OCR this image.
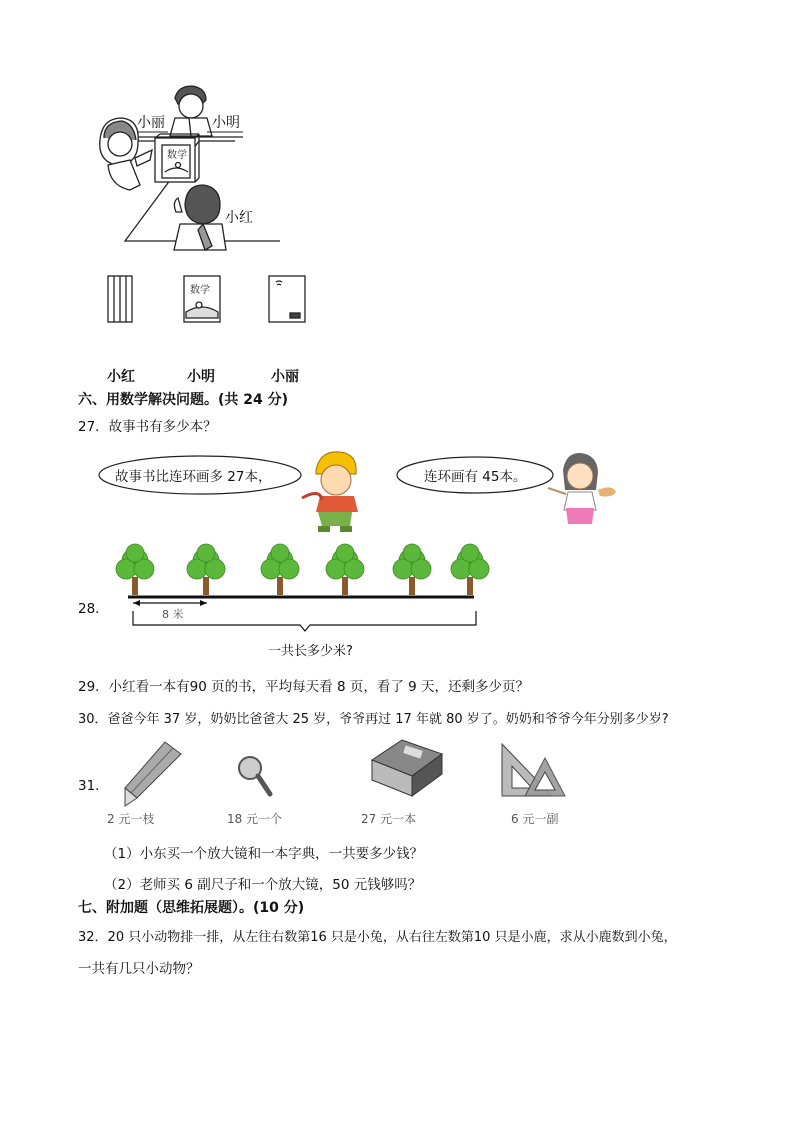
数学
小丽	小明
小红
数学
小红	小明	小丽
六、用数学解决问题。(共 24 分)
27．故事书有多少本？
故事书比连环画多 27本，	连环画有 45本。
28．	8 米
一共长多少米?
29．小红看一本有90 页的书，平均每天看 8 页，看了 9 天，还剩多少页？
30．爸爸今年 37 岁，奶奶比爸爸大 25 岁，爷爷再过 17 年就 80 岁了。奶奶和爷爷今年分别多少岁?
31．
2 元一枝	18 元一个	27 元一本	6 元一副
（1）小东买一个放大镜和一本字典，一共要多少钱？
（2）老师买 6 副尺子和一个放大镜，50 元钱够吗？
七、附加题（思维拓展题）。(10 分)
32．20 只小动物排一排，从左往右数第16 只是小兔，从右往左数第10 只是小鹿，求从小鹿数到小兔，
一共有几只小动物？
